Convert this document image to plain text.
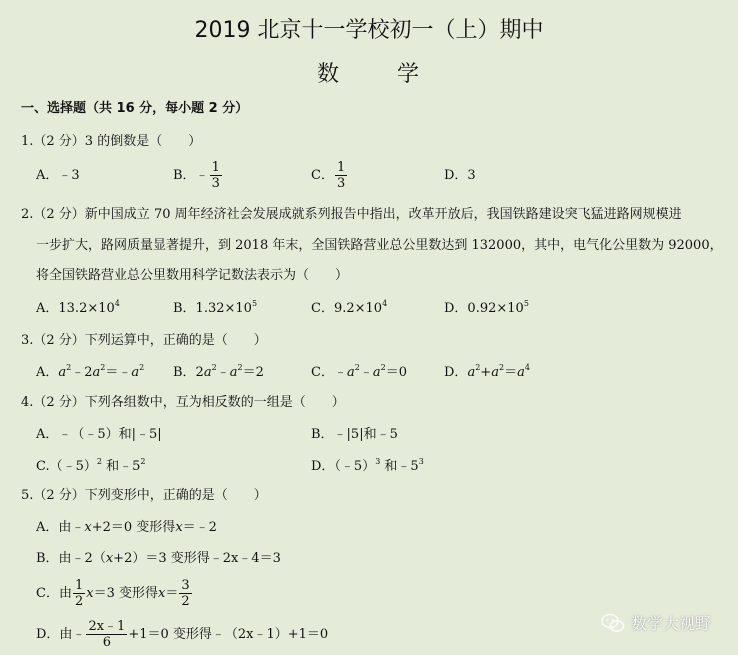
2019 北京十一学校初一（上）期中
数	学
一、选择题（共 16 分，每小题 2 分）
1.（2 分）3 的倒数是（　　）
A．﹣3	B．﹣ $\frac{1}{3}$	C． $\frac{1}{3}$	D．3
2.（2 分）新中国成立 70 周年经济社会发展成就系列报告中指出，改革开放后，我国铁路建设突飞猛进路网规模进
一步扩大，路网质量显著提升，到 2018 年末，全国铁路营业总公里数达到 132000，其中，电气化公里数为 92000，
将全国铁路营业总公里数用科学记数法表示为（　　）
A．$13.2\times 10^4$	B．$1.32\times 10^5$	C．$9.2\times 10^4$	D．$0.92\times 10^5$
3.（2 分）下列运算中，正确的是（　　）
A．$a^2﹣2a^2=﹣a^2$ B．$2a^2﹣a^2=2$	C．$﹣a^2﹣a^2=0$	D．$a^2+a^2=a^4$
4.（2 分）下列各组数中，互为相反数的一组是（　　）
A．﹣（﹣5）和|﹣5|	B．﹣|5|和﹣5
C.（﹣5）$^2$ 和$﹣5^2$	D．（﹣5）$^3$ 和$﹣5^3$
5.（2 分）下列变形中，正确的是（　　）
A．由﹣x+2＝0 变形得x＝﹣2
B．由﹣2（x+2）＝3 变形得﹣2x﹣4＝3
C．由 $\frac{1}{2}$ x ＝3 变形得 $x = \frac{3}{2}$
D．由﹣ $\frac{2x﹣1}{6} +1=0$ 变形得﹣（2x﹣1）+1＝0
数学大视野
